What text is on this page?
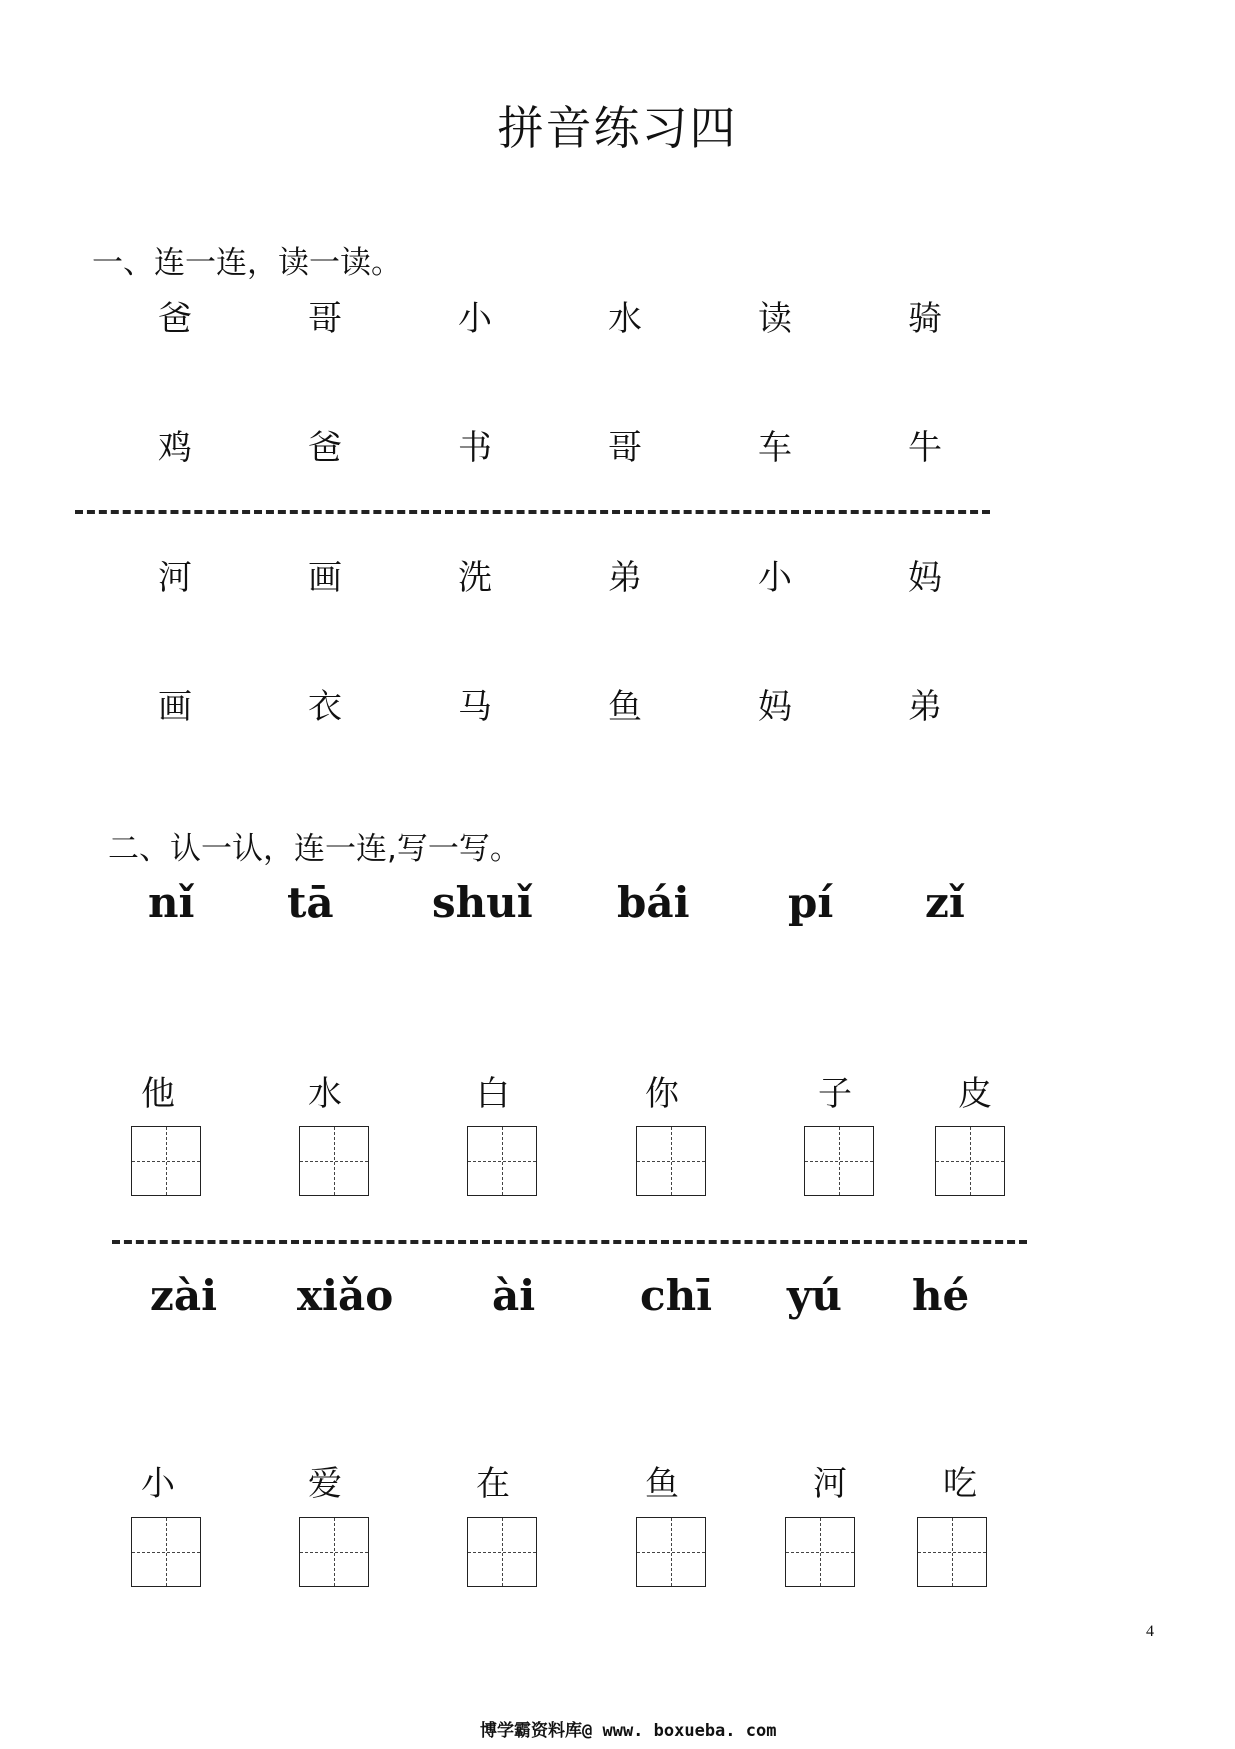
拼音练习四
一、连一连，读一读。
爸	哥	小	水	读	骑
鸡	爸	书	哥	车	牛
河	画	洗	弟	小	妈
画	衣	马	鱼	妈	弟
二、认一认，连一连,写一写。
nǐ tā shuǐ bái pí zǐ
他	水	白	你	子	皮
zài xiǎo ài chī yú hé
小	爱	在	鱼	河	吃
4
博学霸资料库@ www. boxueba. com
